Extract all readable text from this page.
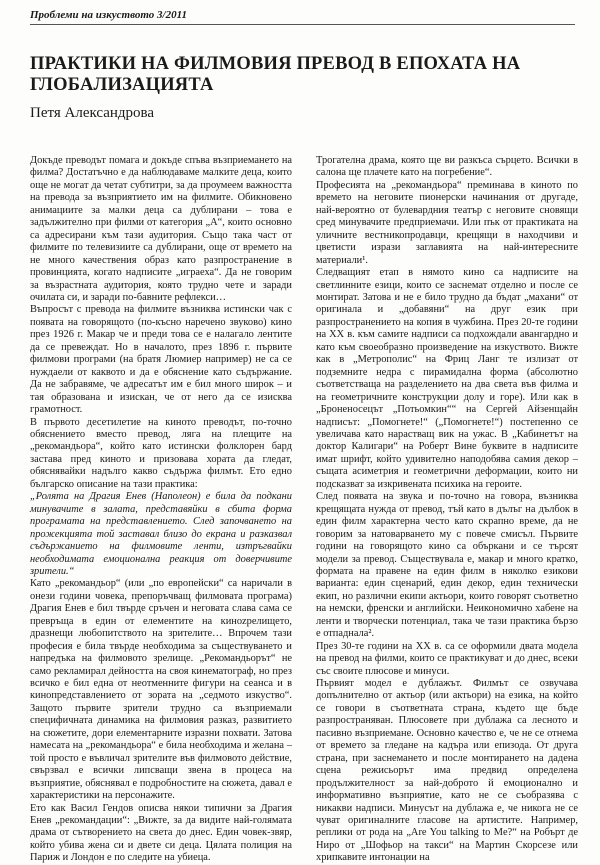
Проблеми на изкуството 3/2011
ПРАКТИКИ НА ФИЛМОВИЯ ПРЕВОД В ЕПОХАТА НА ГЛОБАЛИЗАЦИЯТА
Петя Александрова

Докъде преводът помага и докъде спъва възприемането на филма? Достатъчно е да наблюдаваме малките деца, които още не могат да четат субтитри, за да проумеем важността на превода за възприятието им на филмите. Обикновено анимациите за малки деца са дублирани – това е задължително при филми от категория „А“, които основно са адресирани към тази аудитория. Също така част от филмите по телевизиите са дублирани, още от времето на не много качествения образ като разпространение в провинцията, когато надписите „играеха“. Да не говорим за възрастната аудитория, която трудно чете и заради очилата си, и заради по-бавните рефлекси…

Въпросът с превода на филмите възниква истински чак с появата на говорящото (по-късно наречено звуково) кино през 1926 г. Макар че и преди това се е налагало лентите да се превеждат. Но в началото, през 1896 г. първите филмови програми (на братя Люмиер например) не са се нуждаели от каквото и да е обяснение като съдържание. Да не забравяме, че адресатът им е бил много широк – и тая образована и изискан, че от него да се изисква грамотност.

В първото десетилетие на киното преводът, по-точно обяснението вместо превод, ляга на плещите на „рекомандьора“, който като истински фолклорен бард застава пред киното и призовава хората да гледат, обяснявайки надълго какво съдържа филмът. Ето едно българско описание на тази практика:

„Ролята на Драгия Енев (Наполеон) е била да подкани минувачите в залата, представяйки в сбита форма програмата на представлението. След започването на прожекцията той заставал близо до екрана и разказвал съдържанието на филмовите ленти, изтръгвайки необходимата емоционална реакция от доверчивите зрители.“

Като „рекомандьор“ (или „по европейски“ са наричали в онези години човека, препоръчващ филмовата програма) Драгия Енев е бил твърде сръчен и неговата слава сама се превръща в един от елементите на киноzрелището, дразнещи любопитството на зрителите… Впрочем тази професия е била твърде необходима за съществуването и напредъка на филмовото зрелище. „Рекомандьорът“ не само рекламирал дейността на своя кинематограф, но през всичко е бил една от неотменните фигури на сеанса и в кинопредставлението от зората на „седмото изкуство“. Защото първите зрители трудно са възприемали специфичната динамика на филмовия разказ, развитието на сюжетите, дори елементарните изразни похвати. Затова намесата на „рекомандьора“ е била необходима и желана – той просто е въвличал зрителите във филмовото действие, свързвал е всички липсващи звена в процеса на възприятие, обяснявал е подробностите на сюжета, давал е характеристики на персонажите.

Ето как Васил Гендов описва някои типични за Драгия Енев „рекомандации“: „Вижте, за да видите най-голямата драма от сътворението на света до днес. Един човек-звяр, който убива жена си и двете си деца. Цялата полиция на Париж и Лондон е по следите на убиеца.

Трогателна драма, която ще ви разкъса сърцето. Всички в салона ще плачете като на погребение“.

Професията на „рекомандьора“ преминава в киното по времето на неговите пионерски начинания от другаде, най-вероятно от булевардния театър с неговите сновящи сред минувачите предприемачи. Или пък от практиката на уличните вестникопродавци, крещящи в находчиви и цветисти изрази заглавията на най-интересните материали¹.

Следващият етап в нямото кино са надписите на светлинните езици, които се заснемат отделно и после се монтират. Затова и не е било трудно да бъдат „махани“ от оригинала и „добавяни“ на друг език при разпространението на копия в чужбина. През 20-те години на XX в. към самите надписи са подхождали авангардно и като към своеобразно произведение на изкуството. Вижте как в „Метрополис“ на Фриц Ланг те излизат от подземните недра с пирамидална форма (абсолютно съответстваща на разделението на два света във филма и на геометричните конструкции долу и горе). Или как в „Броненосецът „Потьомкин““ на Сергей Айзенщайн надписът: „Помогнете!“ („Помогнете!“) постепенно се увеличава като нарастващ вик на ужас. В „Кабинетът на доктор Калигари“ на Роберт Вине буквите в надписите имат шрифт, който удивително наподобява самия декор – същата асиметрия и геометрични деформации, които ни подсказват за изкривената психика на героите.

След появата на звука и по-точно на говора, възниква крещящата нужда от превод, тъй като в дълъг на дълбок в един филм характерна често като скрапно време, да не говорим за натоварването му с повече смисъл. Първите години на говорящото кино са объркани и се търсят модели за превод. Съществувала е, макар и много кратко, формата на правене на един филм в няколко езикови варианта: един сценарий, един декор, един технически екип, но различни екипи актьори, които говорят съответно на немски, френски и английски. Неикономично хабене на ленти и творчески потенциал, така че тази практика бързо е отпаднала².

През 30-те години на XX в. са се оформили двата модела на превод на филми, които се практикуват и до днес, всеки със своите плюсове и минуси.

Първият модел е дублажът. Филмът се озвучава допълнително от актьор (или актьори) на езика, на който се говори в съответната страна, където ще бъде разпространяван. Плюсовете при дублажа са лесното и пасивно възприемане. Основно качество е, че не се отнема от времето за гледане на кадъра или епизода. От друга страна, при заснемането и после монтирането на дадена сцена режисьорът има предвид определена продължителност за най-доброто й емоционално и информативно възприятие, като не се съобразява с никакви надписи. Минусът на дублажа е, че никога не се чуват оригиналните гласове на артистите. Например, реплики от рода на „Are You talking to Me?“ на Робърт де Ниро от „Шофьор на такси“ на Мартин Скорсезе или хрипкавите интонации на
